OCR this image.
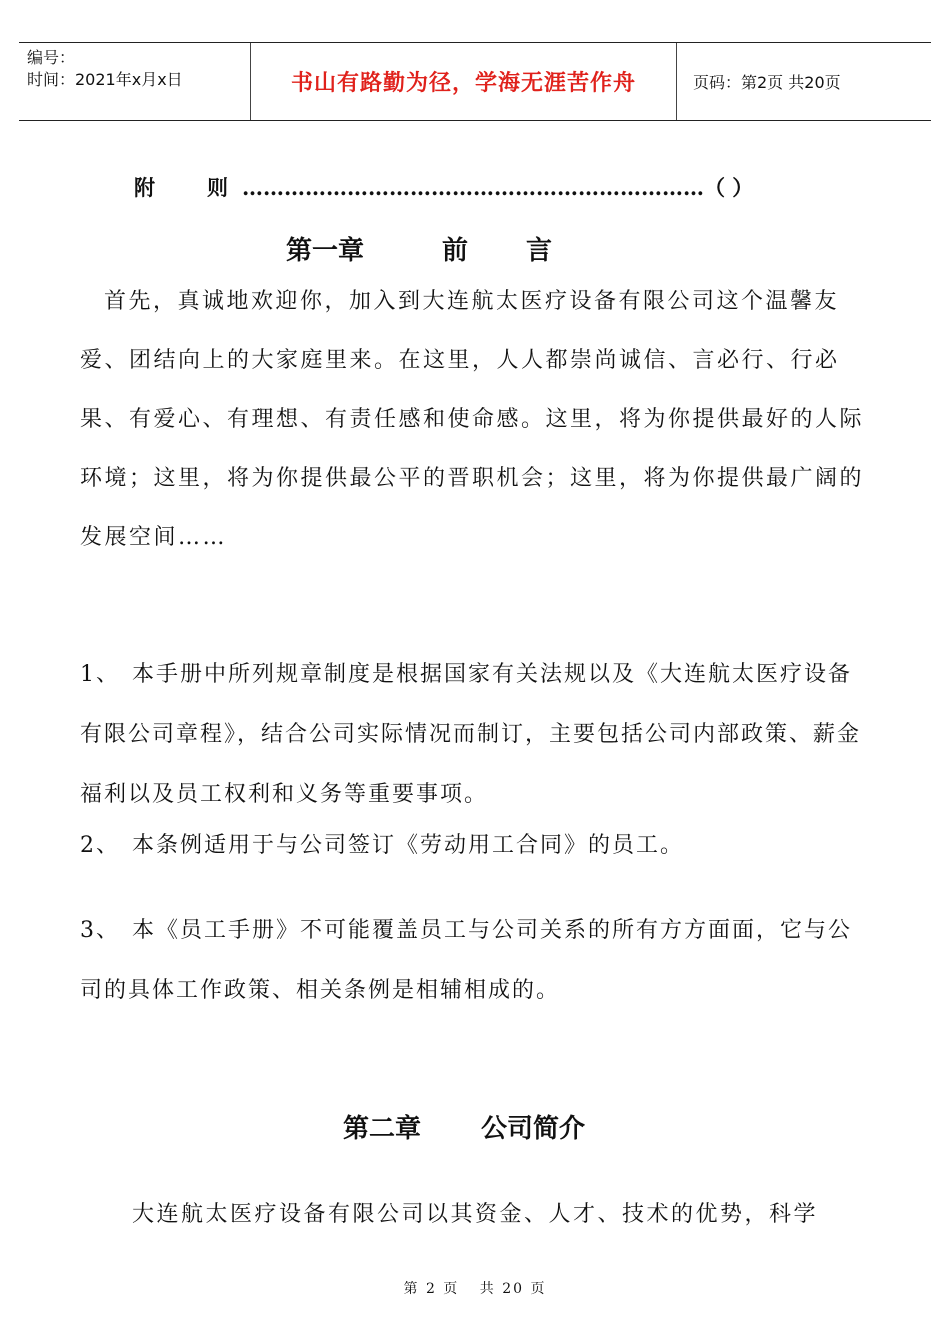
编号：
时间：2021年x月x日	书山有路勤为径，学海无涯苦作舟	页码：第2页 共20页
附 则 …………………………………………………………（ ）
第一章	前 言
首先，真诚地欢迎你，加入到大连航太医疗设备有限公司这个温馨友爱、团结向上的大家庭里来。在这里，人人都崇尚诚信、言必行、行必果、有爱心、有理想、有责任感和使命感。这里，将为你提供最好的人际环境；这里，将为你提供最公平的晋职机会；这里，将为你提供最广阔的发展空间……
1、 本手册中所列规章制度是根据国家有关法规以及《大连航太医疗设备有限公司章程》，结合公司实际情况而制订，主要包括公司内部政策、薪金福利以及员工权利和义务等重要事项。
2、 本条例适用于与公司签订《劳动用工合同》的员工。
3、 本《员工手册》不可能覆盖员工与公司关系的所有方方面面，它与公司的具体工作政策、相关条例是相辅相成的。
第二章 公司简介
大连航太医疗设备有限公司以其资金、人才、技术的优势，科学
第 2 页 共 20 页
